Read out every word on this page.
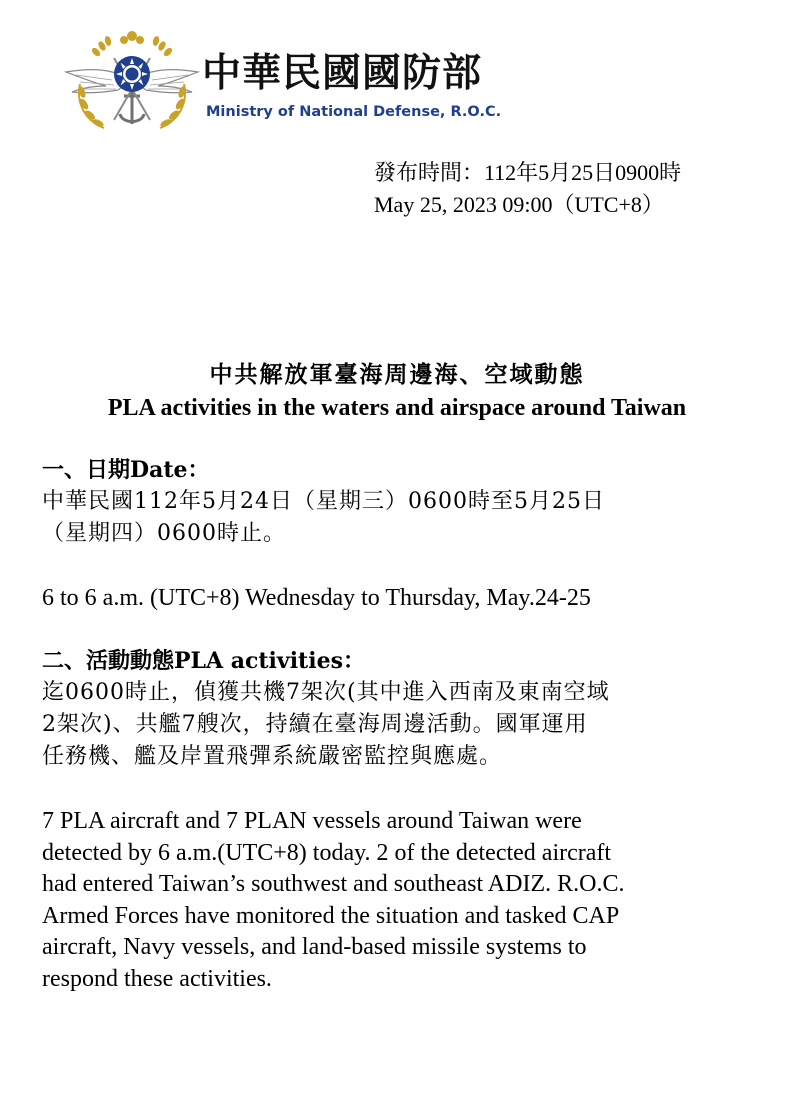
中華民國國防部
Ministry of National Defense, R.O.C.
發布時間：112年5月25日0900時
May 25, 2023 09:00（UTC+8）
中共解放軍臺海周邊海、空域動態
PLA activities in the waters and airspace around Taiwan
一、日期Date：

中華民國112年5月24日（星期三）0600時至5月25日

（星期四）0600時止。

6 to 6 a.m. (UTC+8) Wednesday to Thursday, May.24-25

二、活動動態PLA activities：

迄0600時止，偵獲共機7架次(其中進入西南及東南空域

2架次)、共艦7艘次，持續在臺海周邊活動。國軍運用

任務機、艦及岸置飛彈系統嚴密監控與應處。

7 PLA aircraft and 7 PLAN vessels around Taiwan were

detected by 6 a.m.(UTC+8) today. 2 of the detected aircraft

had entered Taiwan’s southwest and southeast ADIZ. R.O.C.

Armed Forces have monitored the situation and tasked CAP

aircraft, Navy vessels, and land-based missile systems to

respond these activities.
